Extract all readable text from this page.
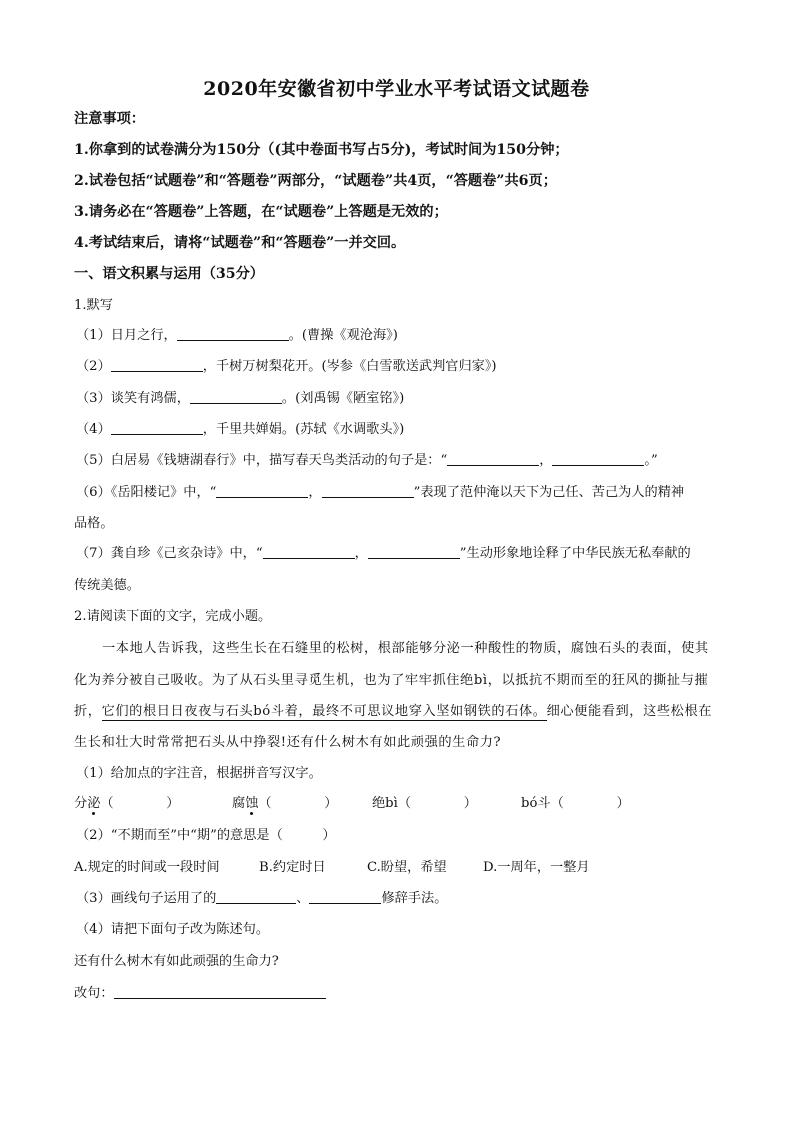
2020年安徽省初中学业水平考试语文试题卷
注意事项：
1.你拿到的试卷满分为150分（(其中卷面书写占5分)，考试时间为150分钟；
2.试卷包括“试题卷”和“答题卷”两部分，“试题卷”共4页，“答题卷”共6页；
3.请务必在“答题卷”上答题，在“试题卷”上答题是无效的；
4.考试结束后，请将“试题卷”和“答题卷”一并交回。
一、语文积累与运用（35分）
1.默写
（1）日月之行，	。(曹操《观沧海》)
（2）	，千树万树梨花开。(岑参《白雪歌送武判官归家》)
（3）谈笑有鸿儒，	。(刘禹锡《陋室铭》)
（4）	，千里共婵娟。(苏轼《水调歌头》)
（5）白居易《钱塘湖春行》中，描写春天鸟类活动的句子是：“	，	。”
（6）《岳阳楼记》中，“	，	”表现了范仲淹以天下为己任、苦己为人的精神
品格。
（7）龚自珍《己亥杂诗》中，“	，	”生动形象地诠释了中华民族无私奉献的
传统美德。
2.请阅读下面的文字，完成小题。
一本地人告诉我，这些生长在石缝里的松树，根部能够分泌一种酸性的物质，腐蚀石头的表面，使其
化为养分被自己吸收。为了从石头里寻觅生机，也为了牢牢抓住绝bì，以抵抗不期而至的狂风的撕扯与摧
折，它们的根日日夜夜与石头bó斗着，最终不可思议地穿入坚如钢铁的石体。细心便能看到，这些松根在
生长和壮大时常常把石头从中挣裂!还有什么树木有如此顽强的生命力?
（1）给加点的字注音，根据拼音写汉字。
分泌（　　　　）	腐蚀（　　　　）	绝bì（　　　　）	bó斗（　　　　）
（2）“不期而至”中“期”的意思是（　　　）
A.规定的时间或一段时间	B.约定时日	C.盼望，希望	D.一周年，一整月
（3）画线句子运用了的	、	修辞手法。
（4）请把下面句子改为陈述句。
还有什么树木有如此顽强的生命力?
改句：
